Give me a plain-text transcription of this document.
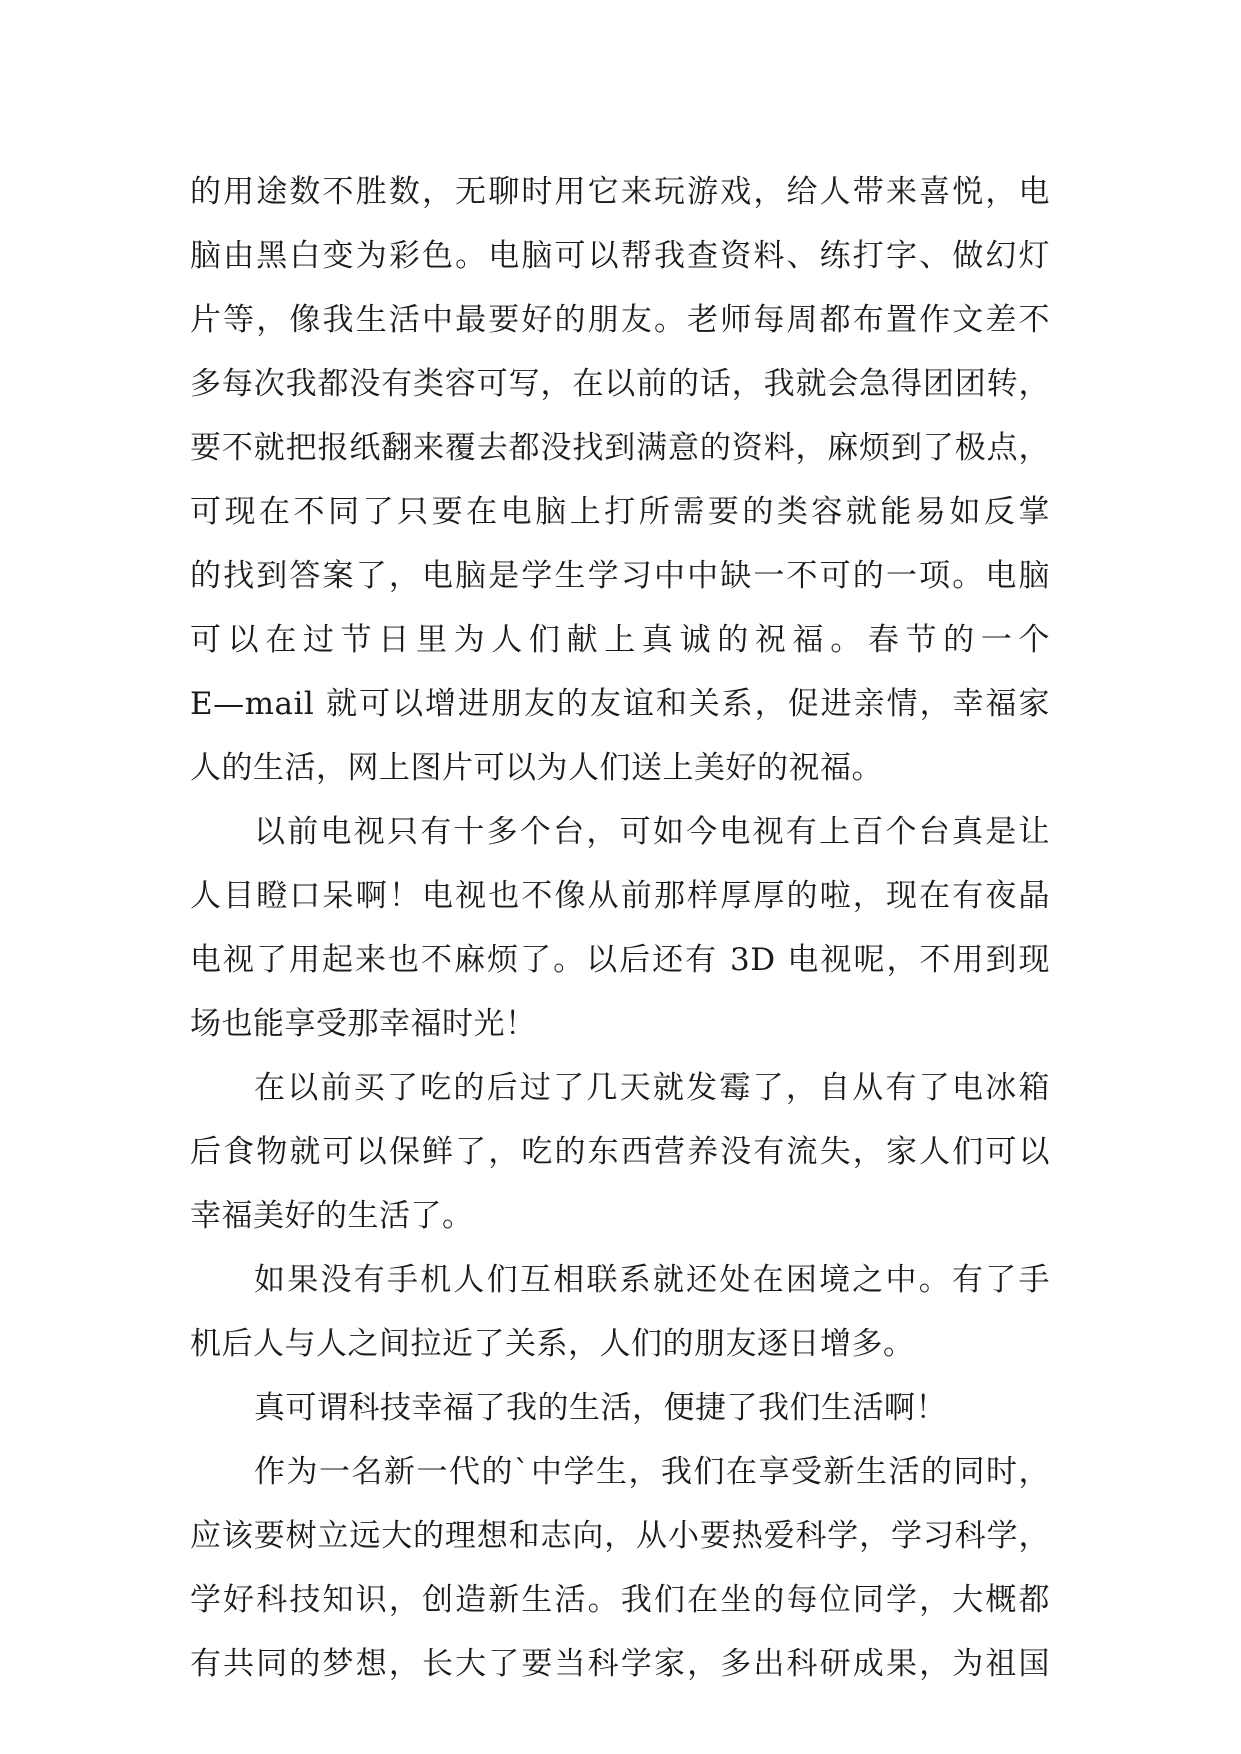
的用途数不胜数，无聊时用它来玩游戏，给人带来喜悦，电
脑由黑白变为彩色。电脑可以帮我查资料、练打字、做幻灯
片等，像我生活中最要好的朋友。老师每周都布置作文差不
多每次我都没有类容可写，在以前的话，我就会急得团团转，
要不就把报纸翻来覆去都没找到满意的资料，麻烦到了极点，
可现在不同了只要在电脑上打所需要的类容就能易如反掌
的找到答案了，电脑是学生学习中中缺一不可的一项。电脑
可以在过节日里为人们献上真诚的祝福。春节的一个
E—mail 就可以增进朋友的友谊和关系，促进亲情，幸福家
人的生活，网上图片可以为人们送上美好的祝福。
以前电视只有十多个台，可如今电视有上百个台真是让
人目瞪口呆啊！电视也不像从前那样厚厚的啦，现在有夜晶
电视了用起来也不麻烦了。以后还有 3D 电视呢，不用到现
场也能享受那幸福时光！
在以前买了吃的后过了几天就发霉了，自从有了电冰箱
后食物就可以保鲜了，吃的东西营养没有流失，家人们可以
幸福美好的生活了。
如果没有手机人们互相联系就还处在困境之中。有了手
机后人与人之间拉近了关系，人们的朋友逐日增多。
真可谓科技幸福了我的生活，便捷了我们生活啊！
作为一名新一代的`中学生，我们在享受新生活的同时，
应该要树立远大的理想和志向，从小要热爱科学，学习科学，
学好科技知识，创造新生活。我们在坐的每位同学，大概都
有共同的梦想，长大了要当科学家，多出科研成果，为祖国
